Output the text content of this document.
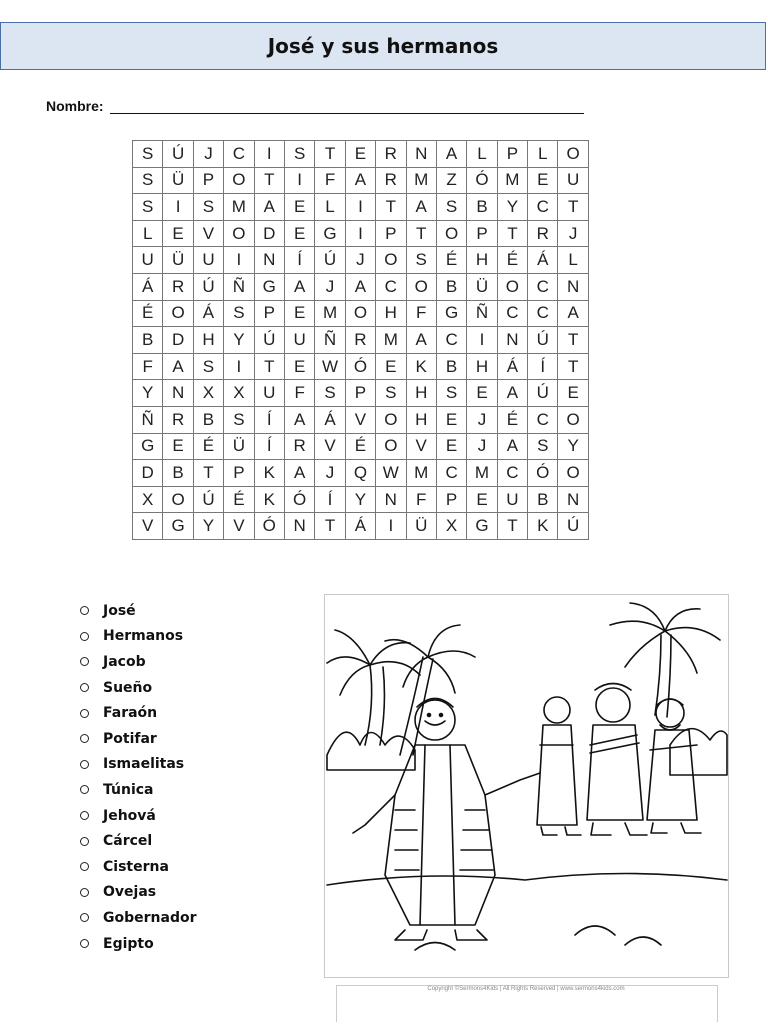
José y sus hermanos
Nombre:
S	Ú	J	C	I	S	T	E	R	N	A	L	P	L	O
S	Ü	P	O	T	I	F	A	R	M	Z	Ó	M	E	U
S	I	S	M	A	E	L	I	T	A	S	B	Y	C	T
L	E	V	O	D	E	G	I	P	T	O	P	T	R	J
U	Ü	U	I	N	Í	Ú	J	O	S	É	H	É	Á	L
Á	R	Ú	Ñ	G	A	J	A	C	O	B	Ü	O	C	N
É	O	Á	S	P	E	M	O	H	F	G	Ñ	C	C	A
B	D	H	Y	Ú	U	Ñ	R	M	A	C	I	N	Ú	T
F	A	S	I	T	E	W	Ó	E	K	B	H	Á	Í	T
Y	N	X	X	U	F	S	P	S	H	S	E	A	Ú	E
Ñ	R	B	S	Í	A	Á	V	O	H	E	J	É	C	O
G	E	É	Ü	Í	R	V	É	O	V	E	J	A	S	Y
D	B	T	P	K	A	J	Q	W	M	C	M	C	Ó	O
X	O	Ú	É	K	Ó	Í	Y	N	F	P	E	U	B	N
V	G	Y	V	Ó	N	T	Á	I	Ü	X	G	T	K	Ú
José
Hermanos
Jacob
Sueño
Faraón
Potifar
Ismaelitas
Túnica
Jehová
Cárcel
Cisterna
Ovejas
Gobernador
Egipto
Copyright ©Sermons4Kids | All Rights Reserved | www.sermons4kids.com
